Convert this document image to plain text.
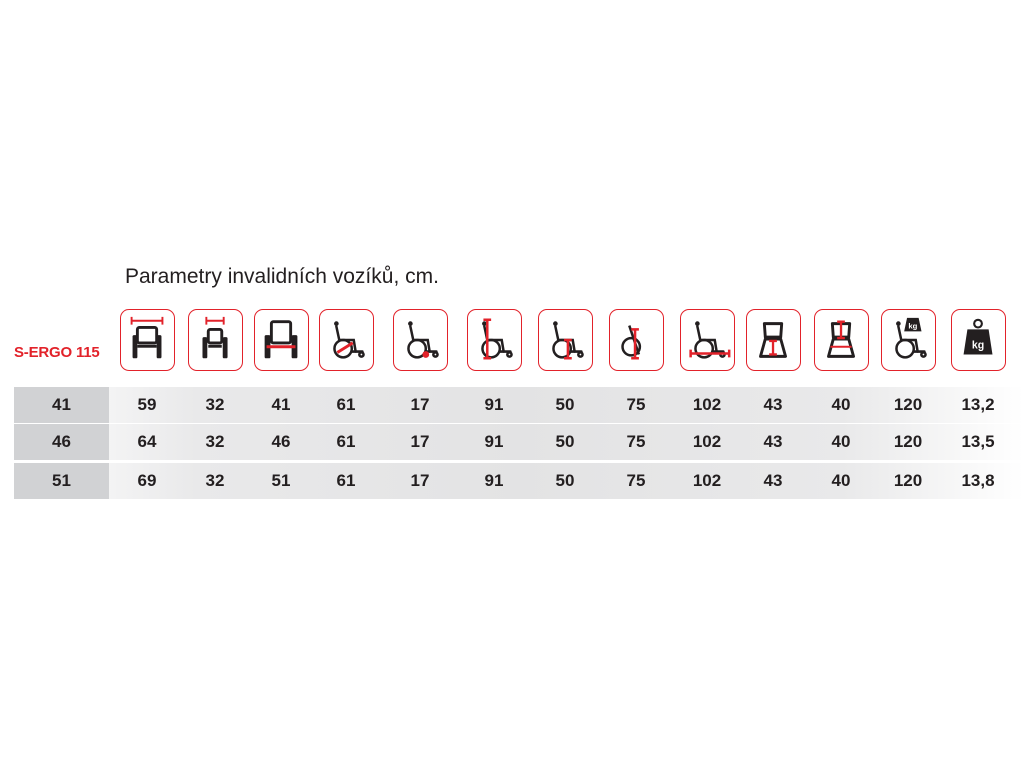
Parametry invalidních vozíků, cm.
S-ERGO 115
kg
kg
41	59	32	41	61	17	91	50	75	102	43	40	120	13,2
46	64	32	46	61	17	91	50	75	102	43	40	120	13,5
51	69	32	51	61	17	91	50	75	102	43	40	120	13,8
